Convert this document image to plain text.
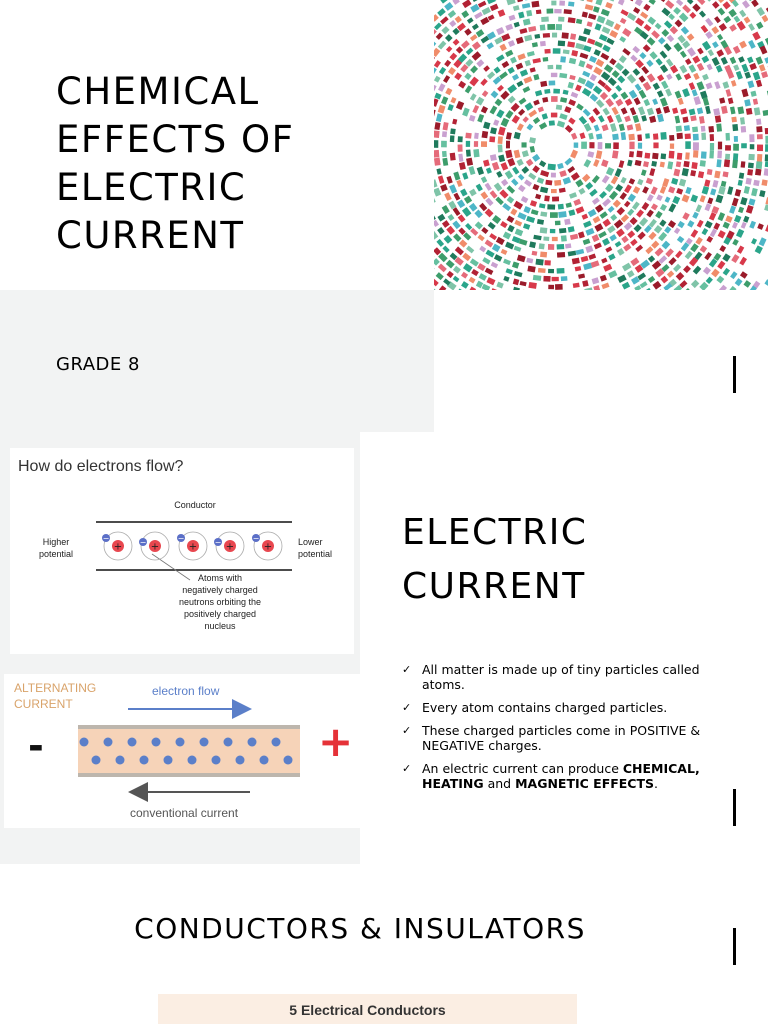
CHEMICAL
EFFECTS OF
ELECTRIC
CURRENT
GRADE 8
How do electrons flow?
Conductor
Higher
potential
Lower
potential
+
−
+
−	+
−
+
−	+
−
Atoms with
negatively charged
neutrons orbiting the
positively charged
nucleus
ALTERNATING
CURRENT
electron flow
conventional current
-	+
ELECTRIC
CURRENT
✓ All matter is made up of tiny particles called atoms.
✓ Every atom contains charged particles.
✓ These charged particles come in POSITIVE & NEGATIVE charges.
✓ An electric current can produce CHEMICAL, HEATING and MAGNETIC EFFECTS.
CONDUCTORS & INSULATORS
5 Electrical Conductors
